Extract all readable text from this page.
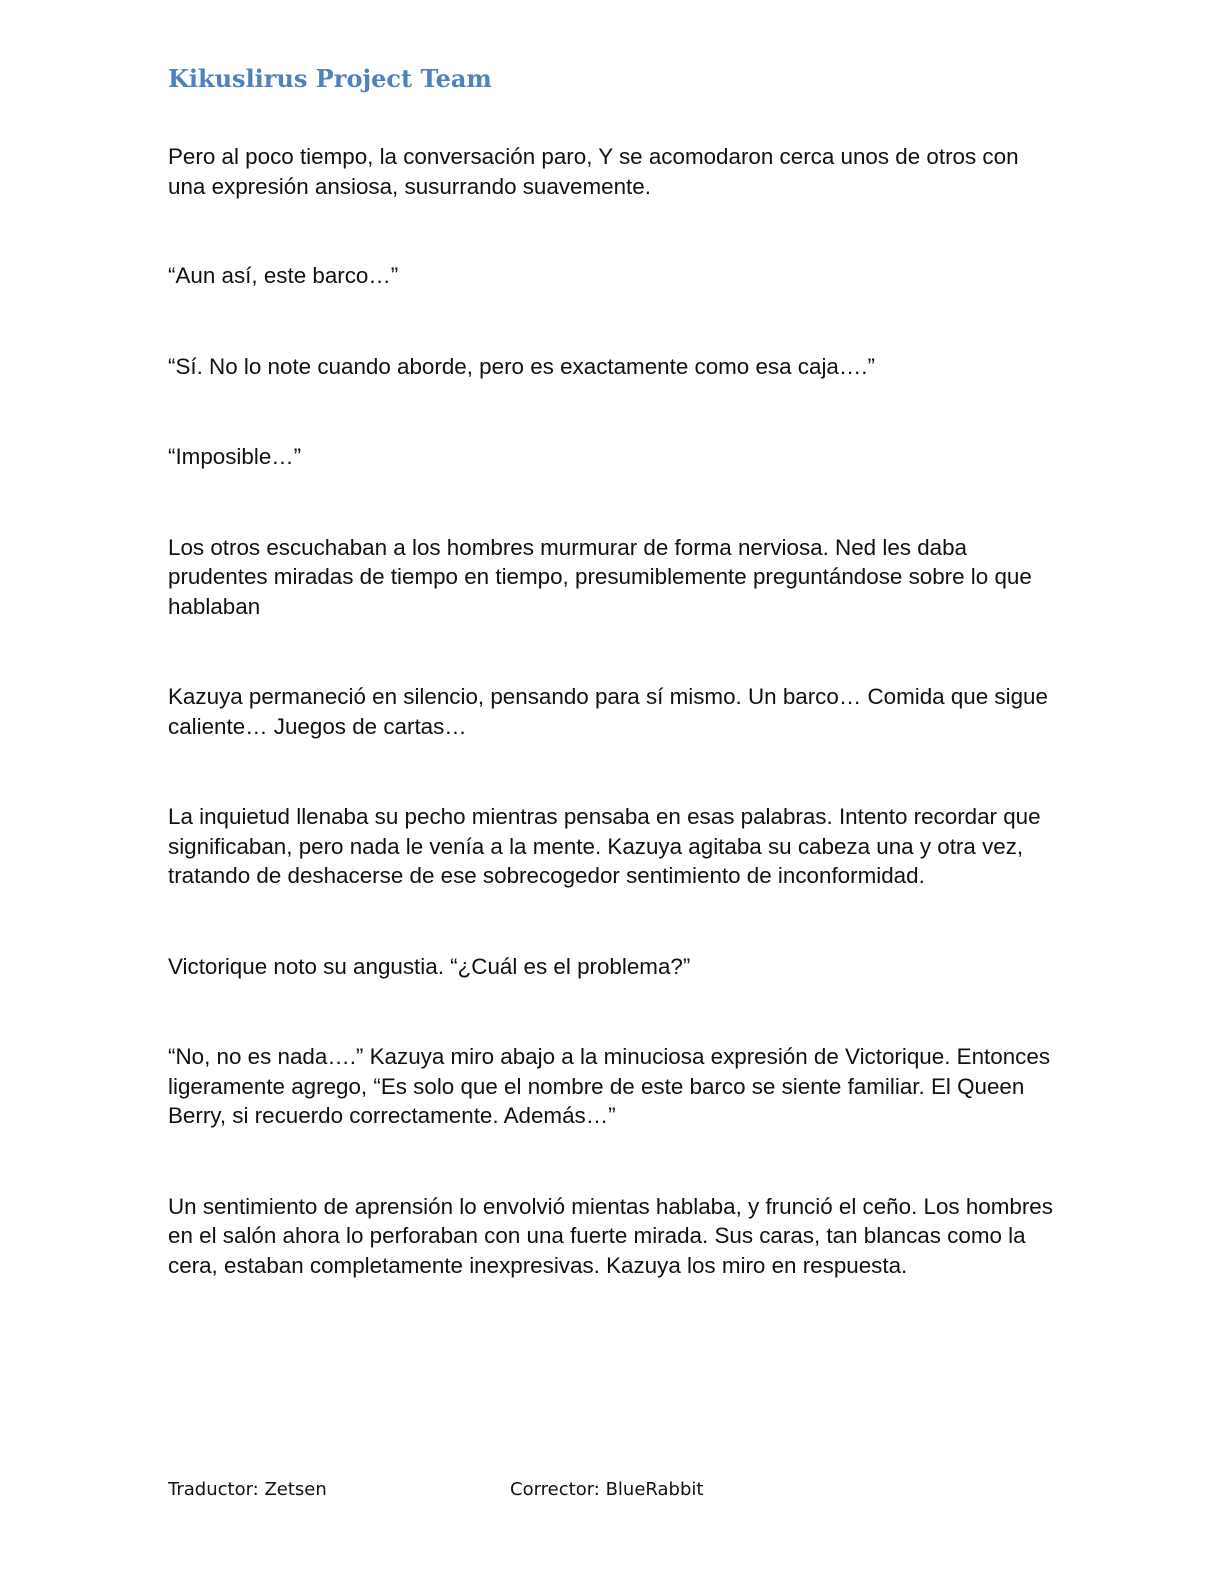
Kikuslirus Project Team

Pero al poco tiempo, la conversación paro, Y se acomodaron cerca unos de otros con una expresión ansiosa, susurrando suavemente.

“Aun así, este barco…”

“Sí. No lo note cuando aborde, pero es exactamente como esa caja….”

“Imposible…”

Los otros escuchaban a los hombres murmurar de forma nerviosa. Ned les daba prudentes miradas de tiempo en tiempo, presumiblemente preguntándose sobre lo que hablaban

Kazuya permaneció en silencio, pensando para sí mismo. Un barco… Comida que sigue caliente… Juegos de cartas…

La inquietud llenaba su pecho mientras pensaba en esas palabras. Intento recordar que significaban, pero nada le venía a la mente. Kazuya agitaba su cabeza una y otra vez, tratando de deshacerse de ese sobrecogedor sentimiento de inconformidad.

Victorique noto su angustia. “¿Cuál es el problema?”

“No, no es nada….” Kazuya miro abajo a la minuciosa expresión de Victorique. Entonces ligeramente agrego, “Es solo que el nombre de este barco se siente familiar. El Queen Berry, si recuerdo correctamente. Además…”

Un sentimiento de aprensión lo envolvió mientas hablaba, y frunció el ceño. Los hombres en el salón ahora lo perforaban con una fuerte mirada. Sus caras, tan blancas como la cera, estaban completamente inexpresivas. Kazuya los miro en respuesta.

Traductor: Zetsen	Corrector: BlueRabbit
